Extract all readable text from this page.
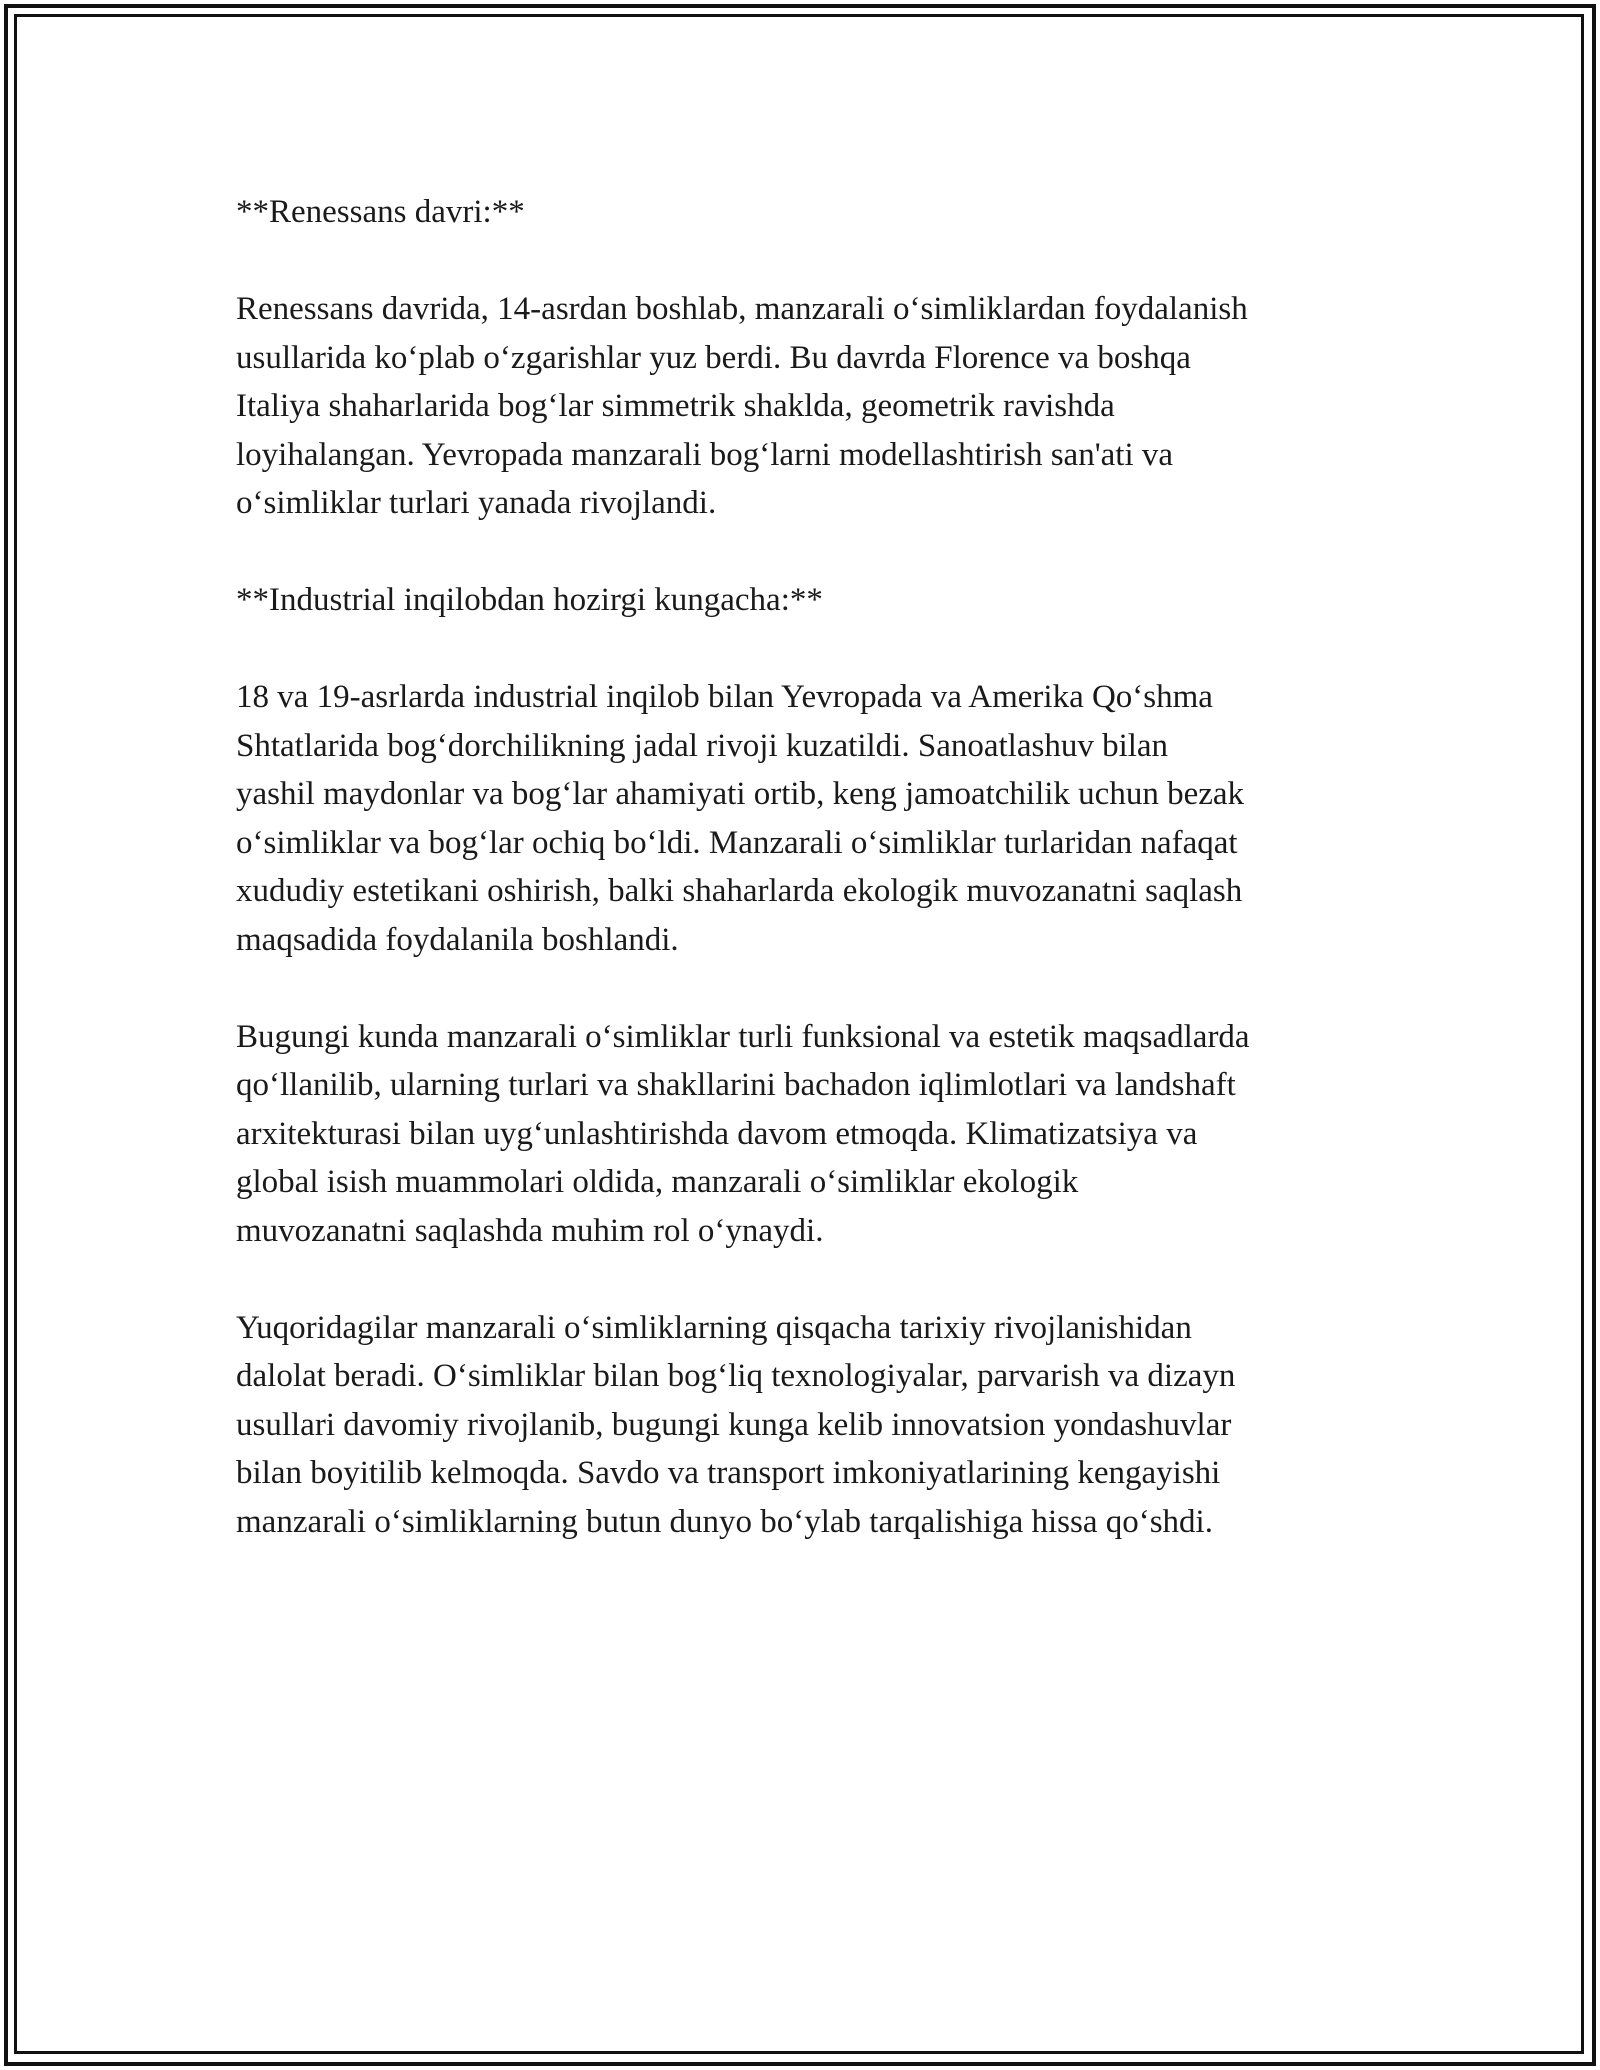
**Renessans davri:**

Renessans davrida, 14-asrdan boshlab, manzarali o‘simliklardan foydalanish
usullarida ko‘plab o‘zgarishlar yuz berdi. Bu davrda Florence va boshqa
Italiya shaharlarida bog‘lar simmetrik shaklda, geometrik ravishda
loyihalangan. Yevropada manzarali bog‘larni modellashtirish san'ati va
o‘simliklar turlari yanada rivojlandi.

**Industrial inqilobdan hozirgi kungacha:**

18 va 19-asrlarda industrial inqilob bilan Yevropada va Amerika Qo‘shma
Shtatlarida bog‘dorchilikning jadal rivoji kuzatildi. Sanoatlashuv bilan
yashil maydonlar va bog‘lar ahamiyati ortib, keng jamoatchilik uchun bezak
o‘simliklar va bog‘lar ochiq bo‘ldi. Manzarali o‘simliklar turlaridan nafaqat
xududiy estetikani oshirish, balki shaharlarda ekologik muvozanatni saqlash
maqsadida foydalanila boshlandi.

Bugungi kunda manzarali o‘simliklar turli funksional va estetik maqsadlarda
qo‘llanilib, ularning turlari va shakllarini bachadon iqlimlotlari va landshaft
arxitekturasi bilan uyg‘unlashtirishda davom etmoqda. Klimatizatsiya va
global isish muammolari oldida, manzarali o‘simliklar ekologik
muvozanatni saqlashda muhim rol o‘ynaydi.

Yuqoridagilar manzarali o‘simliklarning qisqacha tarixiy rivojlanishidan
dalolat beradi. O‘simliklar bilan bog‘liq texnologiyalar, parvarish va dizayn
usullari davomiy rivojlanib, bugungi kunga kelib innovatsion yondashuvlar
bilan boyitilib kelmoqda. Savdo va transport imkoniyatlarining kengayishi
manzarali o‘simliklarning butun dunyo bo‘ylab tarqalishiga hissa qo‘shdi.
